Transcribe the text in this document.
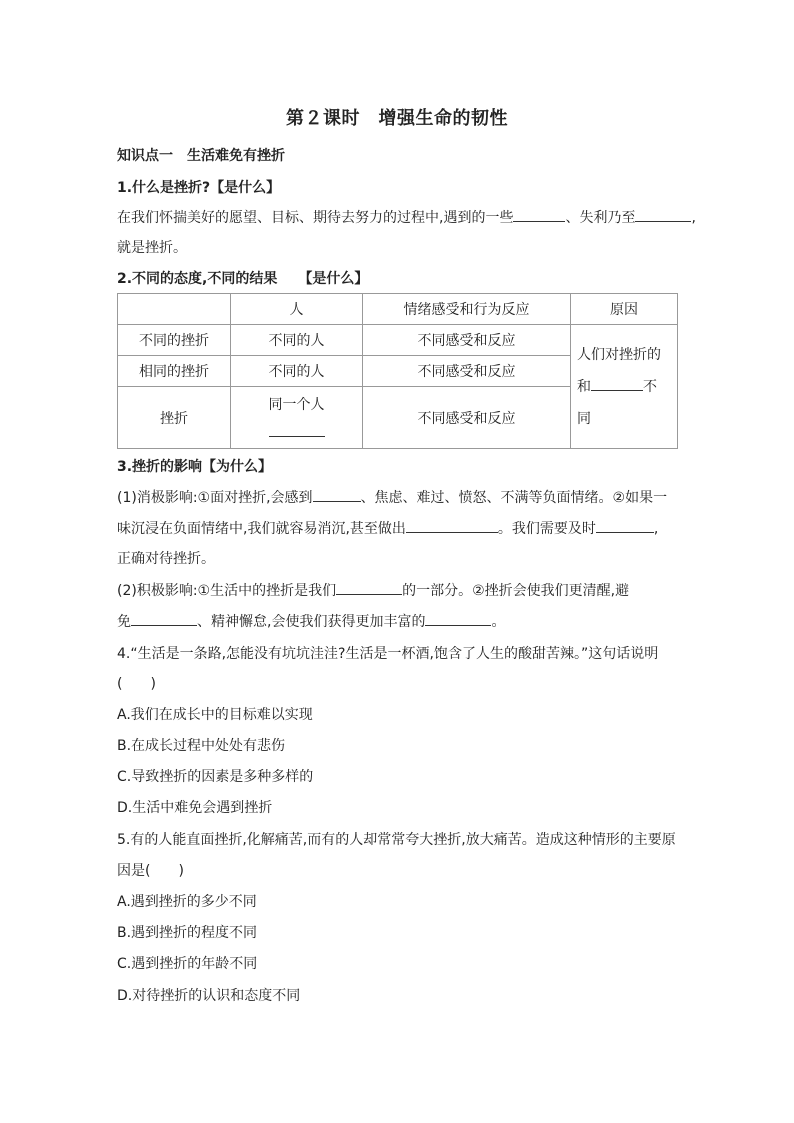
第２课时　增强生命的韧性
知识点一　生活难免有挫折
1.什么是挫折?【是什么】
在我们怀揣美好的愿望、目标、期待去努力的过程中,遇到的一些	、失利乃至	,
就是挫折。
2.不同的态度,不同的结果　　【是什么】
	人	情绪感受和行为反应	原因
不同的挫折	不同的人	不同感受和反应	人们对挫折的
和 不
同

相同的挫折	不同的人	不同感受和反应	
挫折	同一个人	不同感受和反应	
3.挫折的影响【为什么】
(1)消极影响:①面对挫折,会感到	、焦虑、难过、愤怒、不满等负面情绪。②如果一
味沉浸在负面情绪中,我们就容易消沉,甚至做出	。我们需要及时	,
正确对待挫折。
(2)积极影响:①生活中的挫折是我们	的一部分。②挫折会使我们更清醒,避
免	、精神懈怠,会使我们获得更加丰富的	。
4.“生活是一条路,怎能没有坑坑洼洼?生活是一杯酒,饱含了人生的酸甜苦辣。”这句话说明
(　　)
A.我们在成长中的目标难以实现
B.在成长过程中处处有悲伤
C.导致挫折的因素是多种多样的
D.生活中难免会遇到挫折
5.有的人能直面挫折,化解痛苦,而有的人却常常夸大挫折,放大痛苦。造成这种情形的主要原
因是(　　)
A.遇到挫折的多少不同
B.遇到挫折的程度不同
C.遇到挫折的年龄不同
D.对待挫折的认识和态度不同
